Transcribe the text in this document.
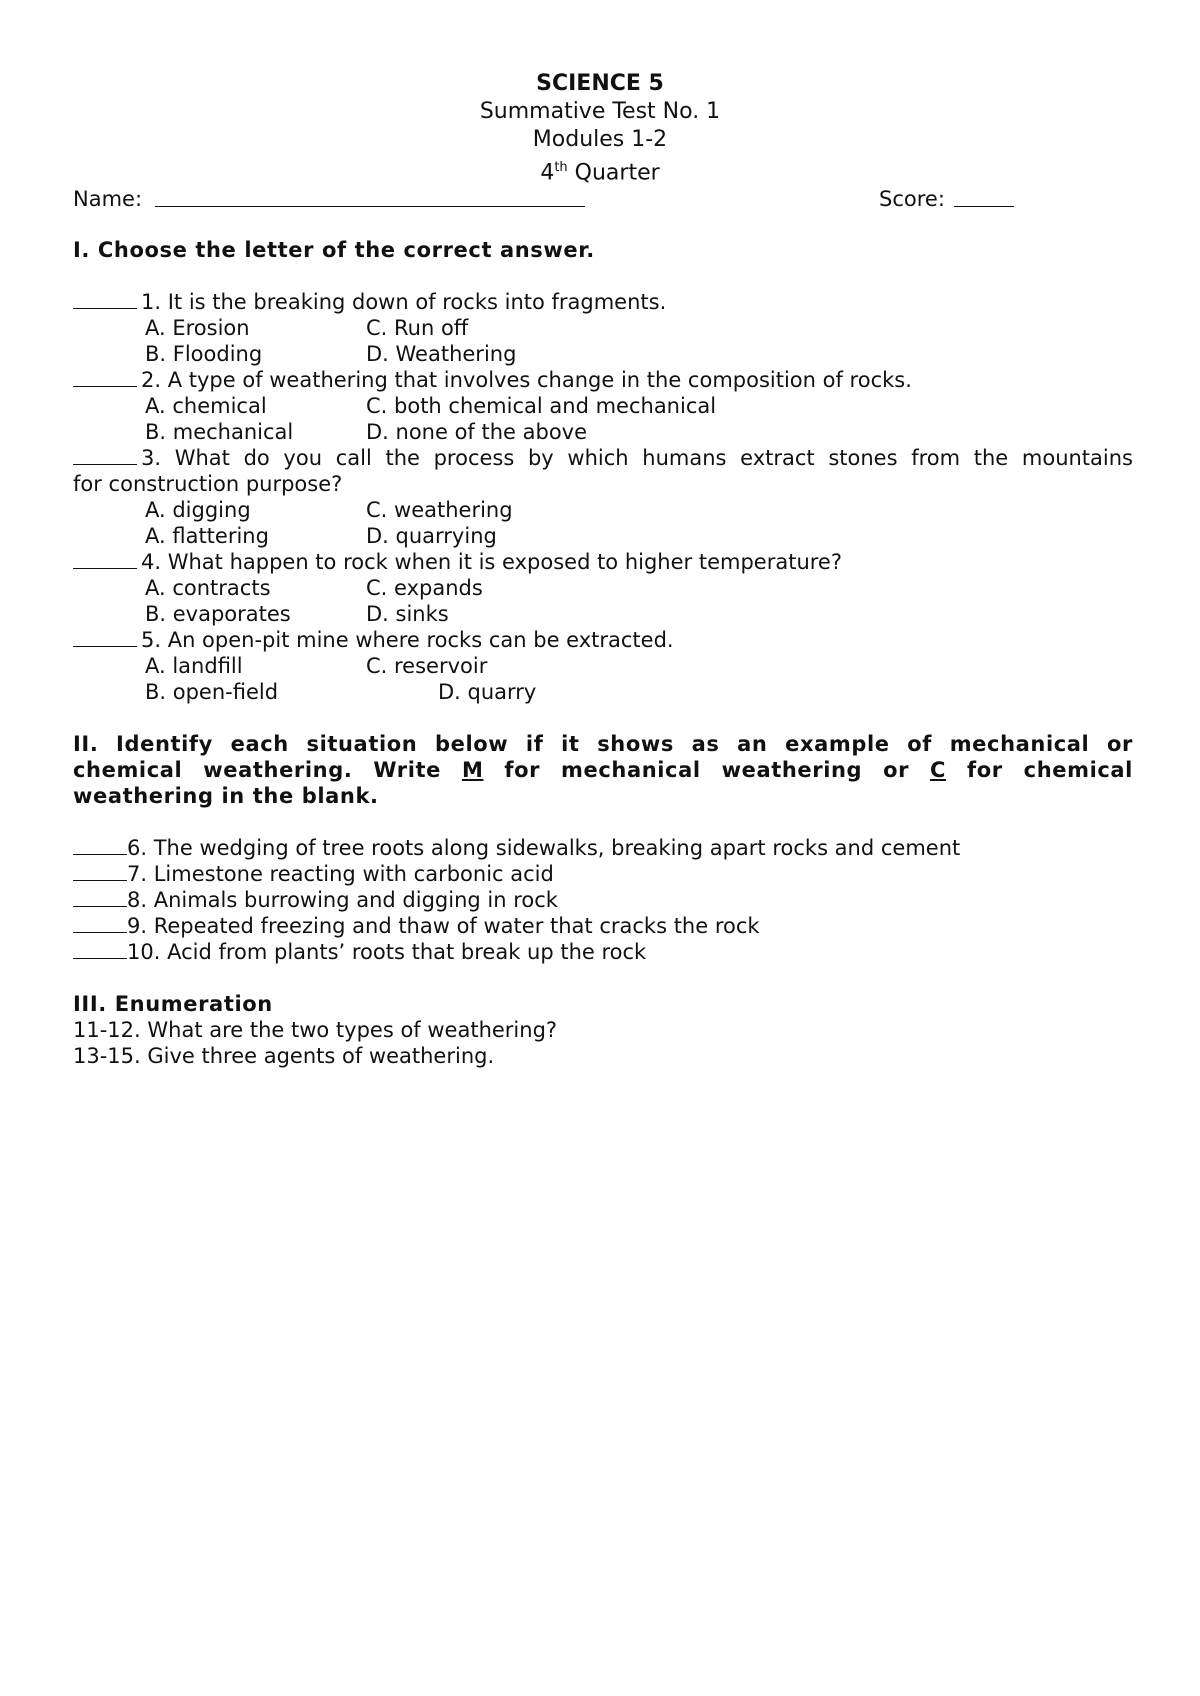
SCIENCE 5
Summative Test No. 1
Modules 1-2
4th Quarter
Name:	Score:
I. Choose the letter of the correct answer.
1. It is the breaking down of rocks into fragments.
A. Erosion	C. Run off
B. Flooding	D. Weathering
2. A type of weathering that involves change in the composition of rocks.
A. chemical	C. both chemical and mechanical
B. mechanical	D. none of the above
3. What do you call the process by which humans extract stones from the mountains
for construction purpose?
A. digging	C. weathering
A. flattering	D. quarrying
4. What happen to rock when it is exposed to higher temperature?
A. contracts	C. expands
B. evaporates	D. sinks
5. An open-pit mine where rocks can be extracted.
A. landfill	C. reservoir
B. open-field	D. quarry
II. Identify each situation below if it shows as an example of mechanical or
chemical weathering. Write M for mechanical weathering or C for chemical
weathering in the blank.
6. The wedging of tree roots along sidewalks, breaking apart rocks and cement
7. Limestone reacting with carbonic acid
8. Animals burrowing and digging in rock
9. Repeated freezing and thaw of water that cracks the rock
10. Acid from plants’ roots that break up the rock
III. Enumeration
11-12. What are the two types of weathering?
13-15. Give three agents of weathering.
